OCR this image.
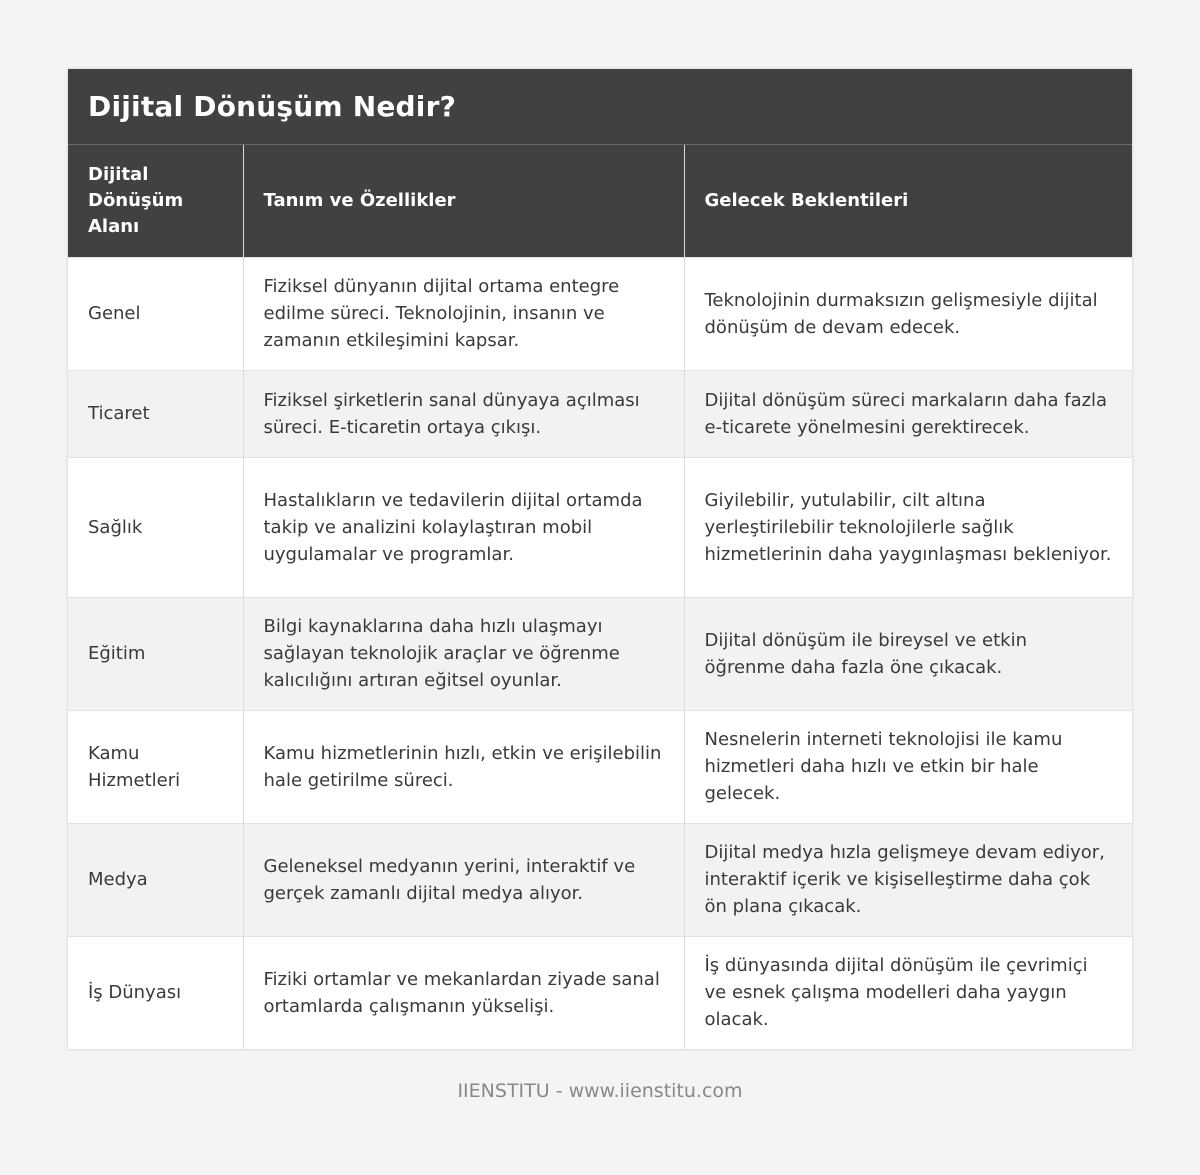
Dijital Dönüşüm Nedir?
Dijital Dönüşüm Alanı	Tanım ve Özellikler	Gelecek Beklentileri
Genel	Fiziksel dünyanın dijital ortama entegre edilme süreci. Teknolojinin, insanın ve zamanın etkileşimini kapsar.	Teknolojinin durmaksızın gelişmesiyle dijital dönüşüm de devam edecek.
Ticaret	Fiziksel şirketlerin sanal dünyaya açılması süreci. E-ticaretin ortaya çıkışı.	Dijital dönüşüm süreci markaların daha fazla e-ticarete yönelmesini gerektirecek.
Sağlık	Hastalıkların ve tedavilerin dijital ortamda takip ve analizini kolaylaştıran mobil uygulamalar ve programlar.	Giyilebilir, yutulabilir, cilt altına yerleştirilebilir teknolojilerle sağlık hizmetlerinin daha yaygınlaşması bekleniyor.
Eğitim	Bilgi kaynaklarına daha hızlı ulaşmayı sağlayan teknolojik araçlar ve öğrenme kalıcılığını artıran eğitsel oyunlar.	Dijital dönüşüm ile bireysel ve etkin öğrenme daha fazla öne çıkacak.
Kamu Hizmetleri	Kamu hizmetlerinin hızlı, etkin ve erişilebilin hale getirilme süreci.	Nesnelerin interneti teknolojisi ile kamu hizmetleri daha hızlı ve etkin bir hale gelecek.
Medya	Geleneksel medyanın yerini, interaktif ve gerçek zamanlı dijital medya alıyor.	Dijital medya hızla gelişmeye devam ediyor, interaktif içerik ve kişiselleştirme daha çok ön plana çıkacak.
İş Dünyası	Fiziki ortamlar ve mekanlardan ziyade sanal ortamlarda çalışmanın yükselişi.	İş dünyasında dijital dönüşüm ile çevrimiçi ve esnek çalışma modelleri daha yaygın olacak.
IIENSTITU - www.iienstitu.com
